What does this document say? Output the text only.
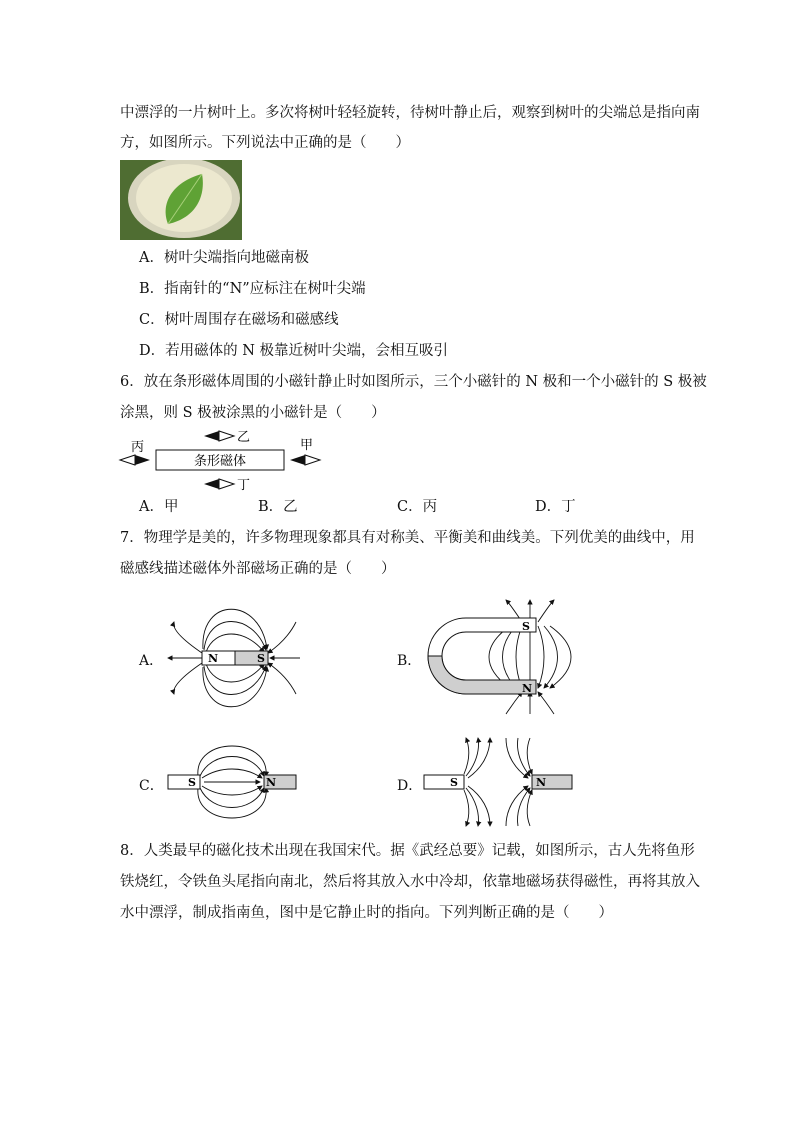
中漂浮的一片树叶上。多次将树叶轻轻旋转，待树叶静止后，观察到树叶的尖端总是指向南
方，如图所示。下列说法中正确的是（　　）
A．树叶尖端指向地磁南极
B．指南针的“N”应标注在树叶尖端
C．树叶周围存在磁场和磁感线
D．若用磁体的 N 极靠近树叶尖端，会相互吸引
6．放在条形磁体周围的小磁针静止时如图所示，三个小磁针的 N 极和一个小磁针的 S 极被
涂黑，则 S 极被涂黑的小磁针是（　　）
条形磁体
乙
甲
丙
丁
A．甲	B．乙	C．丙	D．丁
7．物理学是美的，许多物理现象都具有对称美、平衡美和曲线美。下列优美的曲线中，用
磁感线描述磁体外部磁场正确的是（　　）
A．	N	S	B．
S
N
C． S	N	D．	S	N
8．人类最早的磁化技术出现在我国宋代。据《武经总要》记载，如图所示，古人先将鱼形
铁烧红，令铁鱼头尾指向南北，然后将其放入水中冷却，依靠地磁场获得磁性，再将其放入
水中漂浮，制成指南鱼，图中是它静止时的指向。下列判断正确的是（　　）
